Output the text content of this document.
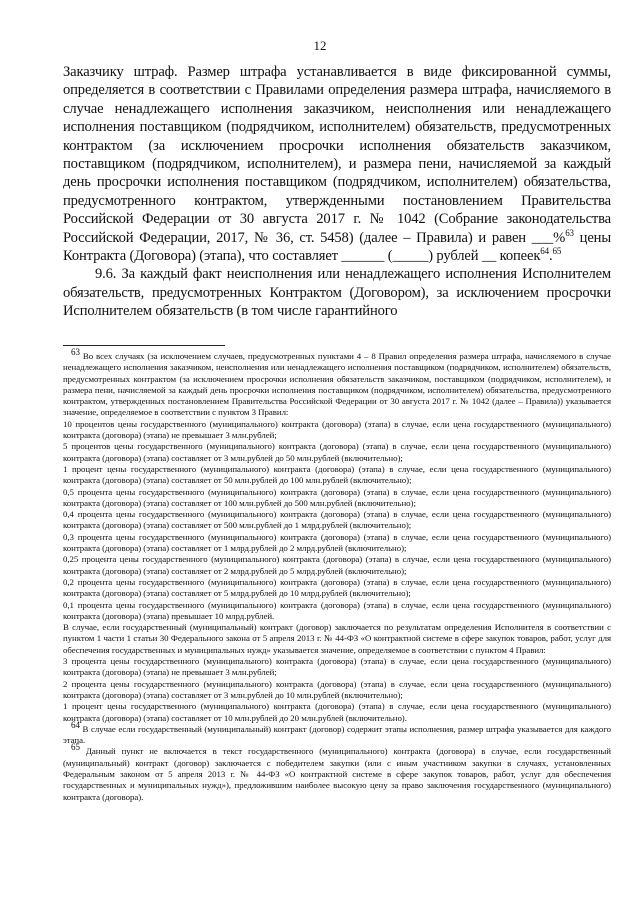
12

Заказчику штраф. Размер штрафа устанавливается в виде фиксированной суммы, определяется в соответствии с Правилами определения размера штрафа, начисляемого в случае ненадлежащего исполнения заказчиком, неисполнения или ненадлежащего исполнения поставщиком (подрядчиком, исполнителем) обязательств, предусмотренных контрактом (за исключением просрочки исполнения обязательств заказчиком, поставщиком (подрядчиком, исполнителем), и размера пени, начисляемой за каждый день просрочки исполнения поставщиком (подрядчиком, исполнителем) обязательства, предусмотренного контрактом, утвержденными постановлением Правительства Российской Федерации от 30 августа 2017 г. № 1042 (Собрание законодательства Российской Федерации, 2017, № 36, ст. 5458) (далее – Правила) и равен ___%$^{63}$ цены Контракта (Договора) (этапа), что составляет ______ (_____) рублей __ копеек$^{64}$.$^{65}$

9.6. За каждый факт неисполнения или ненадлежащего исполнения Исполнителем обязательств, предусмотренных Контрактом (Договором), за исключением просрочки Исполнителем обязательств (в том числе гарантийного

$^{63}$ Во всех случаях (за исключением случаев, предусмотренных пунктами 4 – 8 Правил определения размера штрафа, начисляемого в случае ненадлежащего исполнения заказчиком, неисполнения или ненадлежащего исполнения поставщиком (подрядчиком, исполнителем) обязательств, предусмотренных контрактом (за исключением просрочки исполнения обязательств заказчиком, поставщиком (подрядчиком, исполнителем), и размера пени, начисляемой за каждый день просрочки исполнения поставщиком (подрядчиком, исполнителем) обязательства, предусмотренного контрактом, утвержденных постановлением Правительства Российской Федерации от 30 августа 2017 г. № 1042 (далее – Правила)) указывается значение, определяемое в соответствии с пунктом 3 Правил:

10 процентов цены государственного (муниципального) контракта (договора) (этапа) в случае, если цена государственного (муниципального) контракта (договора) (этапа) не превышает 3 млн.рублей;

5 процентов цены государственного (муниципального) контракта (договора) (этапа) в случае, если цена государственного (муниципального) контракта (договора) (этапа) составляет от 3 млн.рублей до 50 млн.рублей (включительно);

1 процент цены государственного (муниципального) контракта (договора) (этапа) в случае, если цена государственного (муниципального) контракта (договора) (этапа) составляет от 50 млн.рублей до 100 млн.рублей (включительно);

0,5 процента цены государственного (муниципального) контракта (договора) (этапа) в случае, если цена государственного (муниципального) контракта (договора) (этапа) составляет от 100 млн.рублей до 500 млн.рублей (включительно);

0,4 процента цены государственного (муниципального) контракта (договора) (этапа) в случае, если цена государственного (муниципального) контракта (договора) (этапа) составляет от 500 млн.рублей до 1 млрд.рублей (включительно);

0,3 процента цены государственного (муниципального) контракта (договора) (этапа) в случае, если цена государственного (муниципального) контракта (договора) (этапа) составляет от 1 млрд.рублей до 2 млрд.рублей (включительно);

0,25 процента цены государственного (муниципального) контракта (договора) (этапа) в случае, если цена государственного (муниципального) контракта (договора) (этапа) составляет от 2 млрд.рублей до 5 млрд.рублей (включительно);

0,2 процента цены государственного (муниципального) контракта (договора) (этапа) в случае, если цена государственного (муниципального) контракта (договора) (этапа) составляет от 5 млрд.рублей до 10 млрд.рублей (включительно);

0,1 процента цены государственного (муниципального) контракта (договора) (этапа) в случае, если цена государственного (муниципального) контракта (договора) (этапа) превышает 10 млрд.рублей.

В случае, если государственный (муниципальный) контракт (договор) заключается по результатам определения Исполнителя в соответствии с пунктом 1 части 1 статьи 30 Федерального закона от 5 апреля 2013 г. № 44-ФЗ «О контрактной системе в сфере закупок товаров, работ, услуг для обеспечения государственных и муниципальных нужд» указывается значение, определяемое в соответствии с пунктом 4 Правил:

3 процента цены государственного (муниципального) контракта (договора) (этапа) в случае, если цена государственного (муниципального) контракта (договора) (этапа) не превышает 3 млн.рублей;

2 процента цены государственного (муниципального) контракта (договора) (этапа) в случае, если цена государственного (муниципального) контракта (договора) (этапа) составляет от 3 млн.рублей до 10 млн.рублей (включительно);

1 процент цены государственного (муниципального) контракта (договора) (этапа) в случае, если цена государственного (муниципального) контракта (договора) (этапа) составляет от 10 млн.рублей до 20 млн.рублей (включительно).

$^{64}$ В случае если государственный (муниципальный) контракт (договор) содержит этапы исполнения, размер штрафа указывается для каждого этапа.

$^{65}$ Данный пункт не включается в текст государственного (муниципального) контракта (договора) в случае, если государственный (муниципальный) контракт (договор) заключается с победителем закупки (или с иным участником закупки в случаях, установленных Федеральным законом от 5 апреля 2013 г. № 44-ФЗ «О контрактной системе в сфере закупок товаров, работ, услуг для обеспечения государственных и муниципальных нужд»), предложившим наиболее высокую цену за право заключения государственного (муниципального) контракта (договора).
